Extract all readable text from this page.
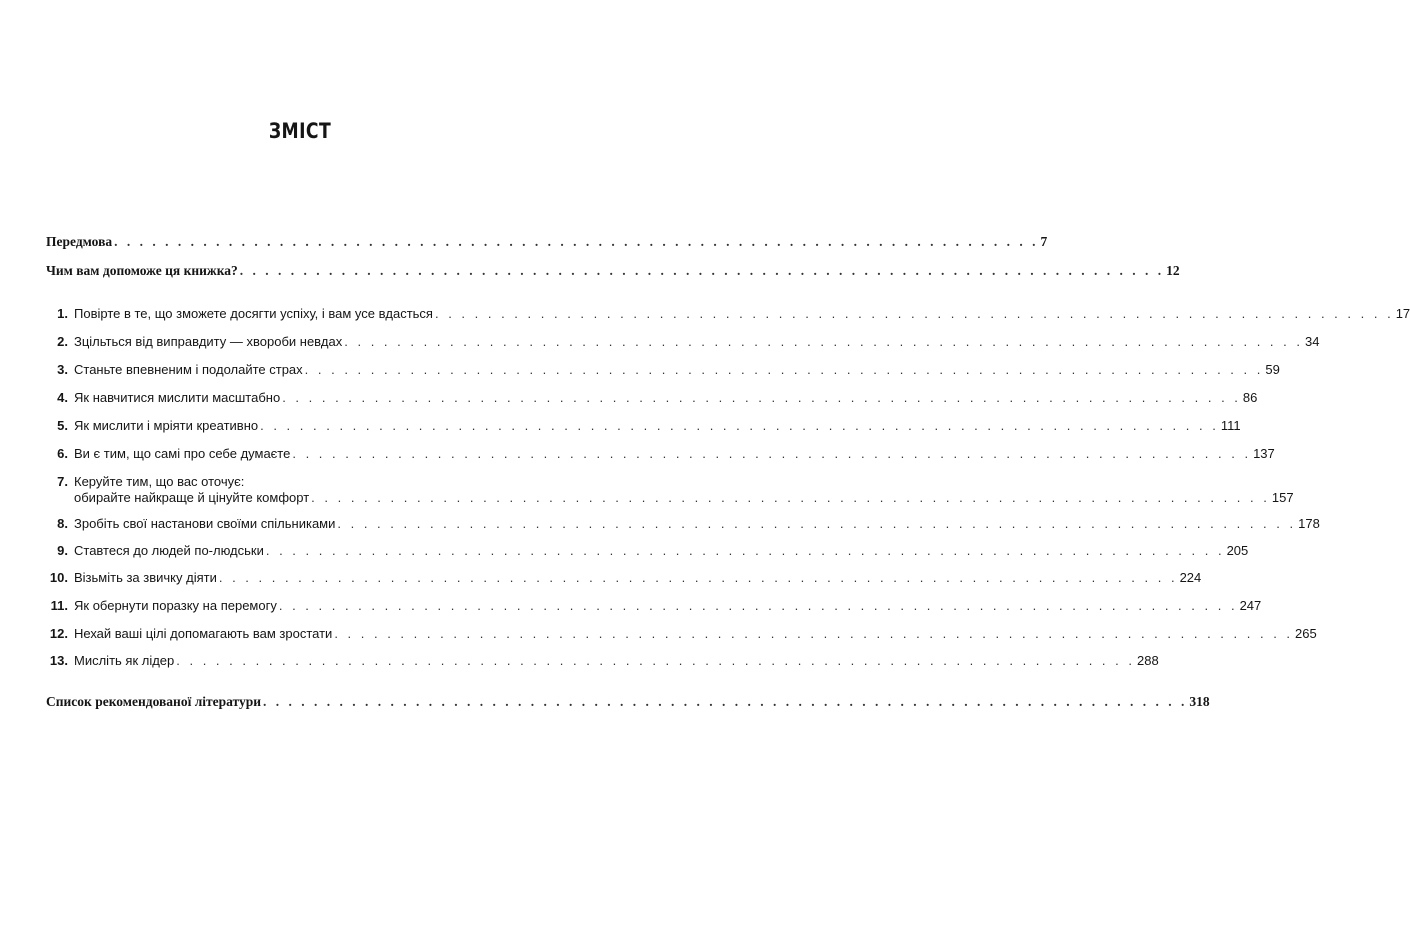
ЗМІСТ
Передмова . . . . . . . . . . . . . . . . . . . . . . . . . . . . . . . . . . . . . . . . . . . . . . . . . . . . . . . . . . . . . . . . . . . . . . . . . 7
Чим вам допоможе ця книжка? . . . . . . . . . . . . . . . . . . . . . . . . . . . . . . . . . . . . . . . . . . . . . . . . . . . . . . . . . . . . . . . . . . . . . . . . . 12
1. Повірте в те, що зможете досягти успіху, і вам усе вдасться . . . . . . . . . . . . . . . . . . . . . . . . . . . . . . . . . . . . . . . . . . . . . . . . . . . . . . . . . . . . . . . . . . . . . . . . . 17
2. Зцільться від виправдиту — хвороби невдах . . . . . . . . . . . . . . . . . . . . . . . . . . . . . . . . . . . . . . . . . . . . . . . . . . . . . . . . . . . . . . . . . . . . . . . . . 34
3. Станьте впевненим і подолайте страх . . . . . . . . . . . . . . . . . . . . . . . . . . . . . . . . . . . . . . . . . . . . . . . . . . . . . . . . . . . . . . . . . . . . . . . . . 59
4. Як навчитися мислити масштабно . . . . . . . . . . . . . . . . . . . . . . . . . . . . . . . . . . . . . . . . . . . . . . . . . . . . . . . . . . . . . . . . . . . . . . . . . 86
5. Як мислити і мріяти креативно . . . . . . . . . . . . . . . . . . . . . . . . . . . . . . . . . . . . . . . . . . . . . . . . . . . . . . . . . . . . . . . . . . . . . . . . . 111
6. Ви є тим, що самі про себе думаєте . . . . . . . . . . . . . . . . . . . . . . . . . . . . . . . . . . . . . . . . . . . . . . . . . . . . . . . . . . . . . . . . . . . . . . . . . 137
7. Керуйте тим, що вас оточує:
обирайте найкраще й цінуйте комфорт . . . . . . . . . . . . . . . . . . . . . . . . . . . . . . . . . . . . . . . . . . . . . . . . . . . . . . . . . . . . . . . . . . . . . . . . . 157
8. Зробіть свої настанови своїми спільниками . . . . . . . . . . . . . . . . . . . . . . . . . . . . . . . . . . . . . . . . . . . . . . . . . . . . . . . . . . . . . . . . . . . . . . . . . 178
9. Ставтеся до людей по-людськи . . . . . . . . . . . . . . . . . . . . . . . . . . . . . . . . . . . . . . . . . . . . . . . . . . . . . . . . . . . . . . . . . . . . . . . . . 205
10. Візьміть за звичку діяти . . . . . . . . . . . . . . . . . . . . . . . . . . . . . . . . . . . . . . . . . . . . . . . . . . . . . . . . . . . . . . . . . . . . . . . . . 224
11. Як обернути поразку на перемогу . . . . . . . . . . . . . . . . . . . . . . . . . . . . . . . . . . . . . . . . . . . . . . . . . . . . . . . . . . . . . . . . . . . . . . . . . 247
12. Нехай ваші цілі допомагають вам зростати . . . . . . . . . . . . . . . . . . . . . . . . . . . . . . . . . . . . . . . . . . . . . . . . . . . . . . . . . . . . . . . . . . . . . . . . . 265
13. Мисліть як лідер . . . . . . . . . . . . . . . . . . . . . . . . . . . . . . . . . . . . . . . . . . . . . . . . . . . . . . . . . . . . . . . . . . . . . . . . . 288
Список рекомендованої літератури . . . . . . . . . . . . . . . . . . . . . . . . . . . . . . . . . . . . . . . . . . . . . . . . . . . . . . . . . . . . . . . . . . . . . . . . . 318
